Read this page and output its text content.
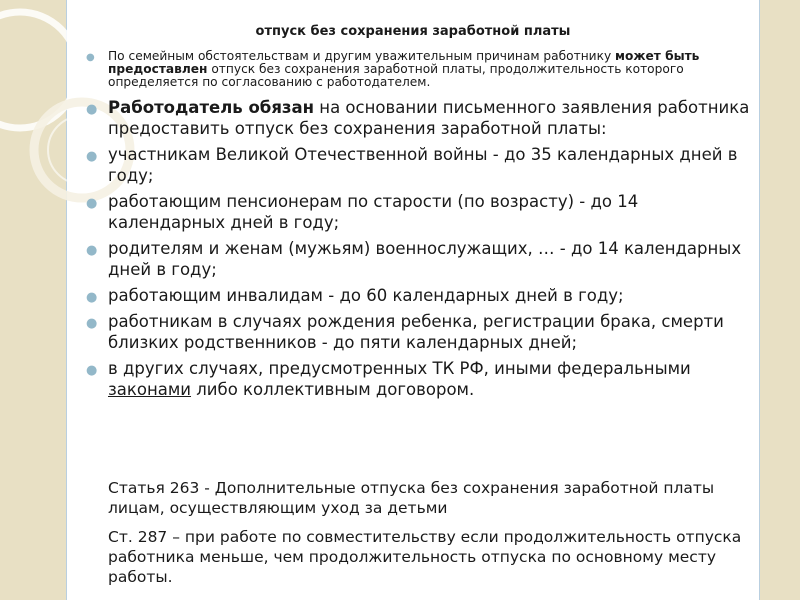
отпуск без сохранения заработной платы
● По семейным обстоятельствам и другим уважительным причинам работнику может быть предоставлен отпуск без сохранения заработной платы, продолжительность которого определяется по согласованию с работодателем.
● Работодатель обязан на основании письменного заявления работника предоставить отпуск без сохранения заработной платы:
● участникам Великой Отечественной войны - до 35 календарных дней в году;
● работающим пенсионерам по старости (по возрасту) - до 14 календарных дней в году;
● родителям и женам (мужьям) военнослужащих, … - до 14 календарных дней в году;
● работающим инвалидам - до 60 календарных дней в году;
● работникам в случаях рождения ребенка, регистрации брака, смерти близких родственников - до пяти календарных дней;
● в других случаях, предусмотренных ТК РФ, иными федеральными законами либо коллективным договором.

Статья 263 - Дополнительные отпуска без сохранения заработной платы лицам, осуществляющим уход за детьми

Ст. 287 – при работе по совместительству если продолжительность отпуска работника меньше, чем продолжительность отпуска по основному месту работы.
